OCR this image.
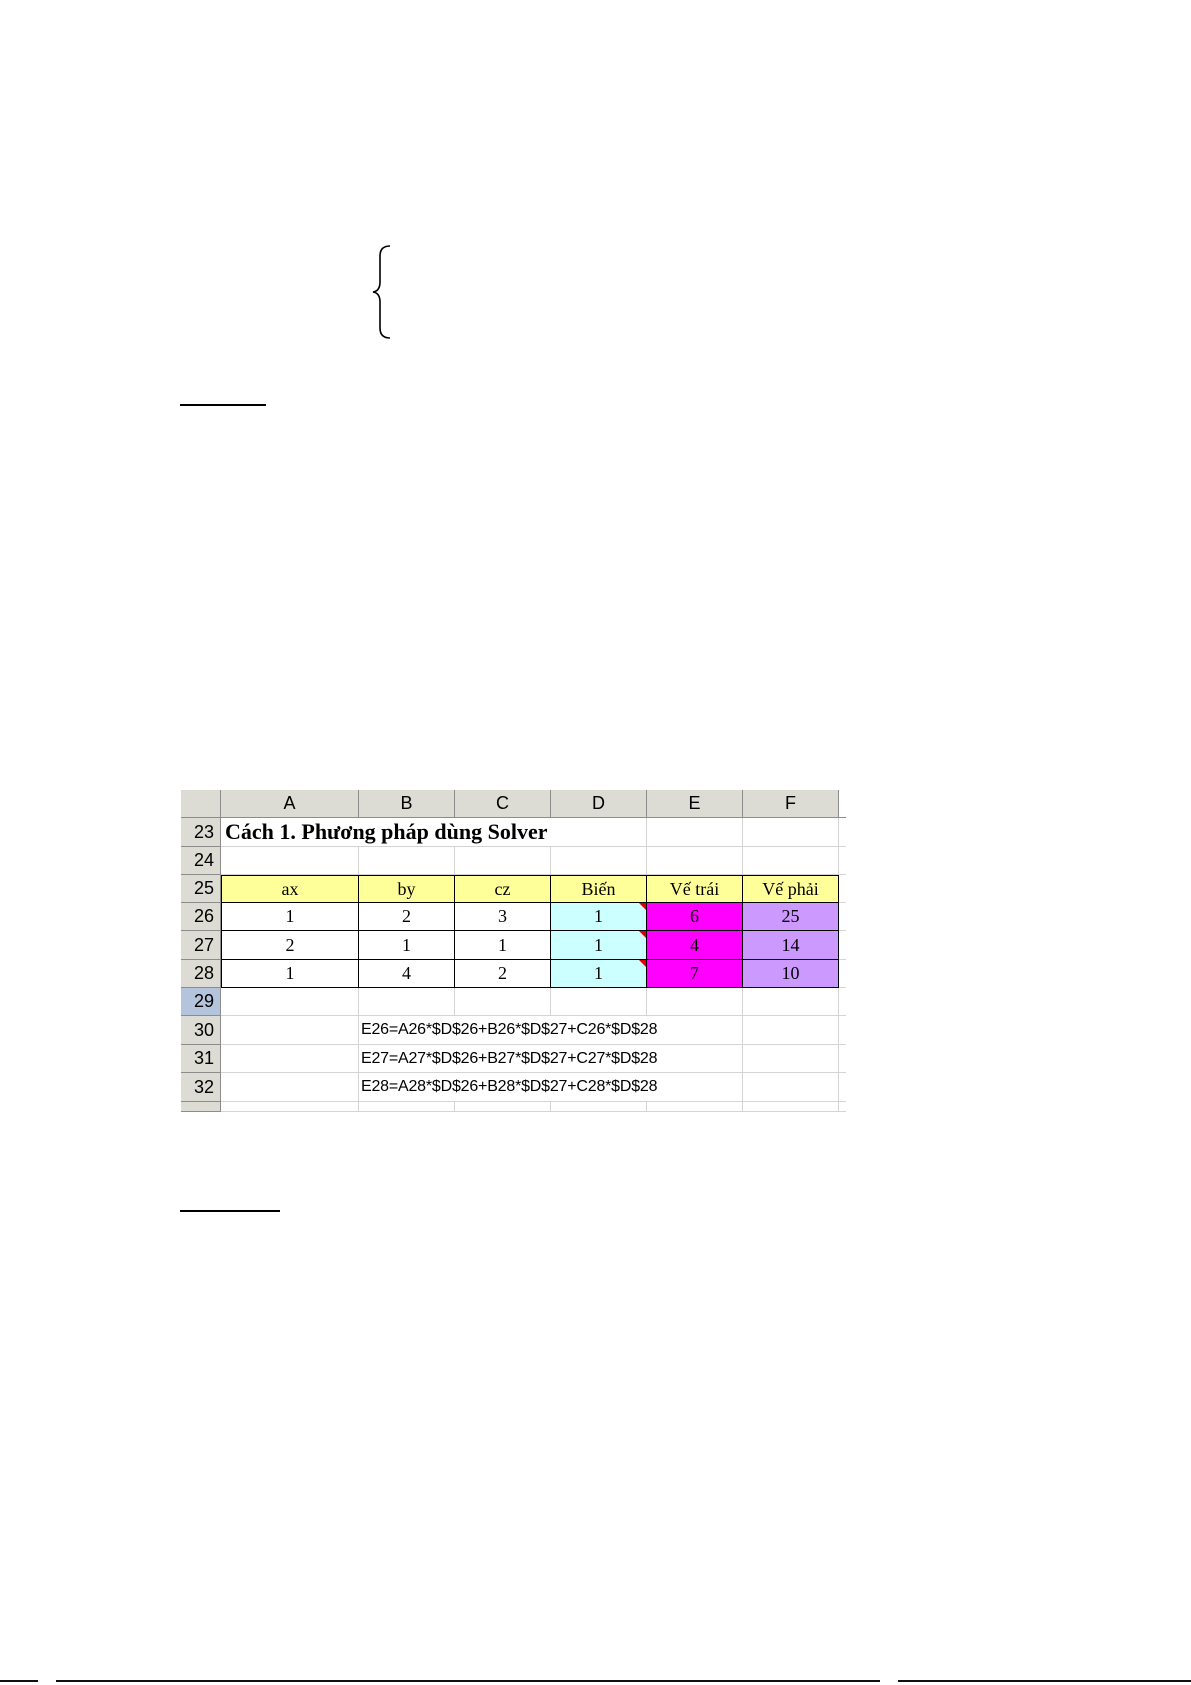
A	B	C	D	E	F
23 Cách 1. Phương pháp dùng Solver
24
25	ax	by	cz	Biến	Vế trái	Vế phải
26	1	2	3	1	6	25
27	2	1	1	1	4	14
28	1	4	2	1	7	10
29
30	E26=A26*$D$26+B26*$D$27+C26*$D$28
31	E27=A27*$D$26+B27*$D$27+C27*$D$28
32	E28=A28*$D$26+B28*$D$27+C28*$D$28
